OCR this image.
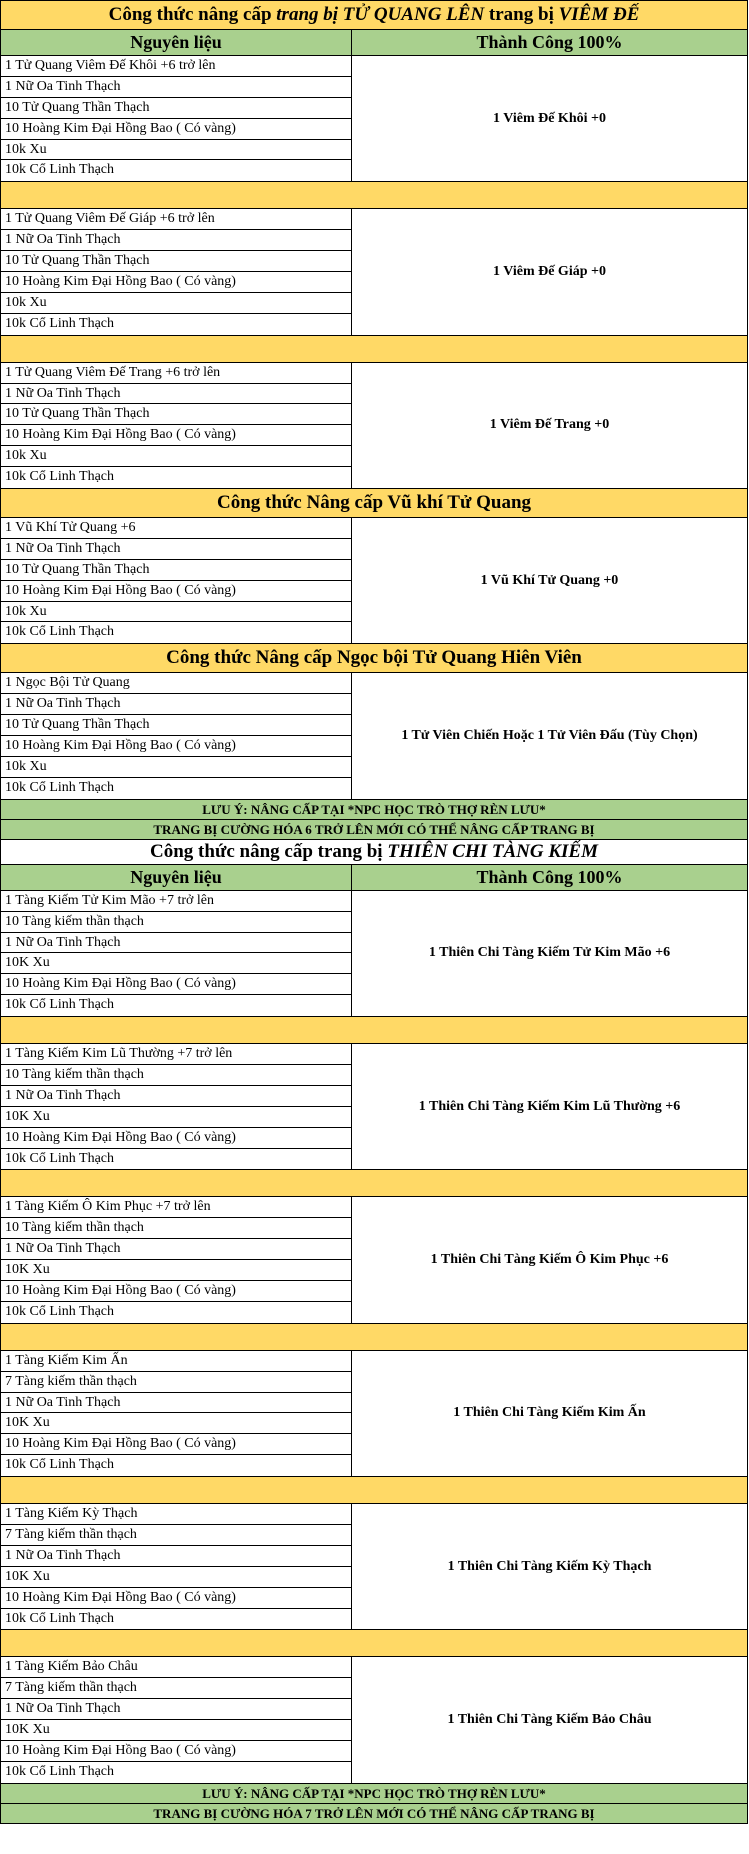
Công thức nâng cấp trang bị TỬ QUANG LÊN trang bị VIÊM ĐẾ
Nguyên liệu	Thành Công 100%
1 Tử Quang Viêm Đế Khôi +6 trở lên
1 Nữ Oa Tinh Thạch
10 Tử Quang Thần Thạch
10 Hoàng Kim Đại Hồng Bao ( Có vàng)
10k Xu
10k Cổ Linh Thạch
1 Viêm Đế Khôi +0
1 Tử Quang Viêm Đế Giáp +6 trở lên
1 Nữ Oa Tinh Thạch
10 Tử Quang Thần Thạch
10 Hoàng Kim Đại Hồng Bao ( Có vàng)
10k Xu
10k Cổ Linh Thạch
1 Viêm Đế Giáp +0
1 Tử Quang Viêm Đế Trang +6 trở lên
1 Nữ Oa Tinh Thạch
10 Tử Quang Thần Thạch
10 Hoàng Kim Đại Hồng Bao ( Có vàng)
10k Xu
10k Cổ Linh Thạch
1 Viêm Đế Trang +0
Công thức Nâng cấp Vũ khí Tử Quang
1 Vũ Khí Tử Quang +6
1 Nữ Oa Tinh Thạch
10 Tử Quang Thần Thạch
10 Hoàng Kim Đại Hồng Bao ( Có vàng)
10k Xu
10k Cổ Linh Thạch
1 Vũ Khí Tử Quang +0
Công thức Nâng cấp Ngọc bội Tử Quang Hiên Viên
1 Ngọc Bội Tử Quang
1 Nữ Oa Tinh Thạch
10 Tử Quang Thần Thạch
10 Hoàng Kim Đại Hồng Bao ( Có vàng)
10k Xu
10k Cổ Linh Thạch
1 Tử Viên Chiến Hoặc 1 Tử Viên Đấu (Tùy Chọn)
LƯU Ý: NÂNG CẤP TẠI *NPC HỌC TRÒ THỢ RÈN LƯU*
TRANG BỊ CƯỜNG HÓA 6 TRỞ LÊN MỚI CÓ THỂ NÂNG CẤP TRANG BỊ
Công thức nâng cấp trang bị THIÊN CHI TÀNG KIẾM
Nguyên liệu	Thành Công 100%
1 Tàng Kiếm Tử Kim Mão +7 trở lên
10 Tàng kiếm thần thạch
1 Nữ Oa Tinh Thạch
10K Xu
10 Hoàng Kim Đại Hồng Bao ( Có vàng)
10k Cổ Linh Thạch
1 Thiên Chi Tàng Kiếm Tử Kim Mão +6
1 Tàng Kiếm Kim Lũ Thường +7 trở lên
10 Tàng kiếm thần thạch
1 Nữ Oa Tinh Thạch
10K Xu
10 Hoàng Kim Đại Hồng Bao ( Có vàng)
10k Cổ Linh Thạch
1 Thiên Chi Tàng Kiếm Kim Lũ Thường +6
1 Tàng Kiếm Ô Kim Phục +7 trở lên
10 Tàng kiếm thần thạch
1 Nữ Oa Tinh Thạch
10K Xu
10 Hoàng Kim Đại Hồng Bao ( Có vàng)
10k Cổ Linh Thạch
1 Thiên Chi Tàng Kiếm Ô Kim Phục +6
1 Tàng Kiếm Kim Ấn
7 Tàng kiếm thần thạch
1 Nữ Oa Tinh Thạch
10K Xu
10 Hoàng Kim Đại Hồng Bao ( Có vàng)
10k Cổ Linh Thạch
1 Thiên Chi Tàng Kiếm Kim Ấn
1 Tàng Kiếm Kỳ Thạch
7 Tàng kiếm thần thạch
1 Nữ Oa Tinh Thạch
10K Xu
10 Hoàng Kim Đại Hồng Bao ( Có vàng)
10k Cổ Linh Thạch
1 Thiên Chi Tàng Kiếm Kỳ Thạch
1 Tàng Kiếm Bảo Châu
7 Tàng kiếm thần thạch
1 Nữ Oa Tinh Thạch
10K Xu
10 Hoàng Kim Đại Hồng Bao ( Có vàng)
10k Cổ Linh Thạch
1 Thiên Chi Tàng Kiếm Bảo Châu
LƯU Ý: NÂNG CẤP TẠI *NPC HỌC TRÒ THỢ RÈN LƯU*
TRANG BỊ CƯỜNG HÓA 7 TRỞ LÊN MỚI CÓ THỂ NÂNG CẤP TRANG BỊ
